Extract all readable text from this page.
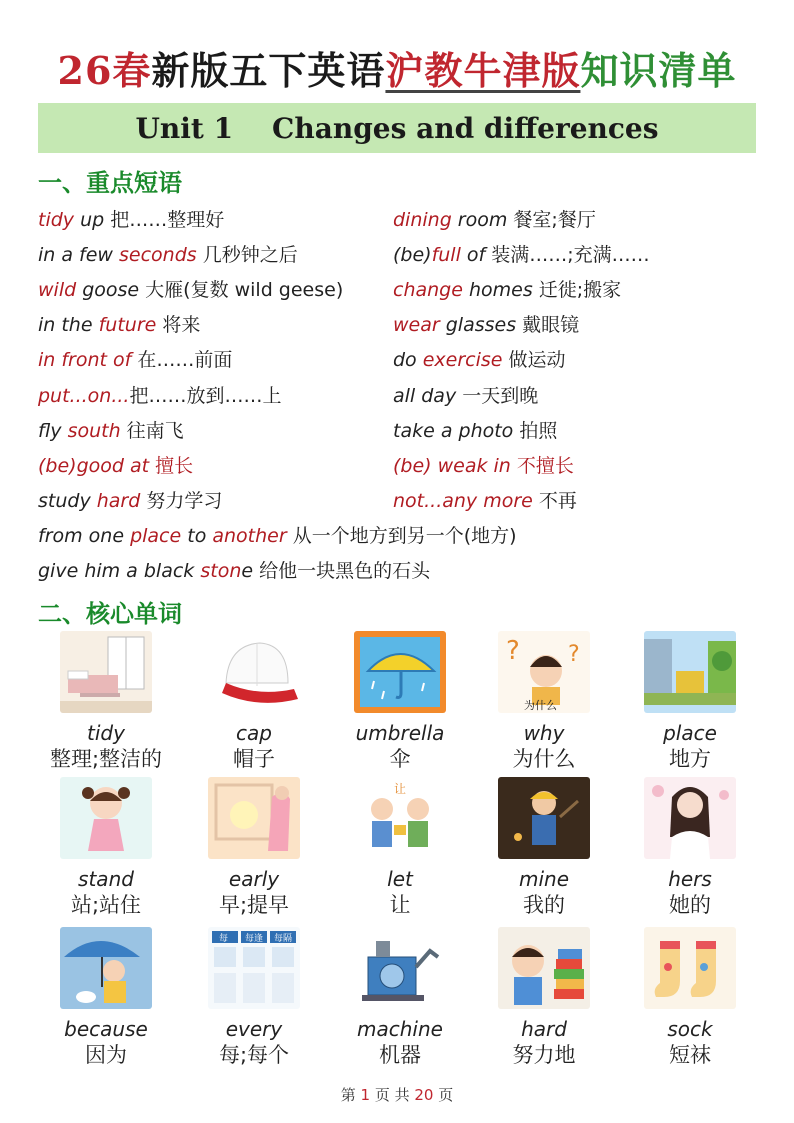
26春新版五下英语沪教牛津版知识清单
Unit 1    Changes and differences
一、重点短语
tidy up 把……整理好	dining room 餐室;餐厅
in a few seconds 几秒钟之后	(be)full of 装满……;充满……
wild goose 大雁(复数 wild geese)	change homes 迁徙;搬家
in the future 将来	wear glasses 戴眼镜
in front of 在……前面	do exercise 做运动
put...on...把……放到……上	all day 一天到晚
fly south 往南飞	take a photo 拍照
(be)good at 擅长	(be) weak in 不擅长
study hard 努力学习	not...any more 不再
from one place to another 从一个地方到另一个(地方)
give him a black stone 给他一块黑色的石头
二、核心单词
tidy
整理;整洁的
cap
帽子
umbrella
伞
? ?
为什么
why
为什么
place
地方
stand
站;站住
early
早;提早
让
let
让
mine
我的
hers
她的
because
因为
每 每逢 每隔
every
每;每个
machine
机器
hard
努力地
sock
短袜
第 1 页 共 20 页
